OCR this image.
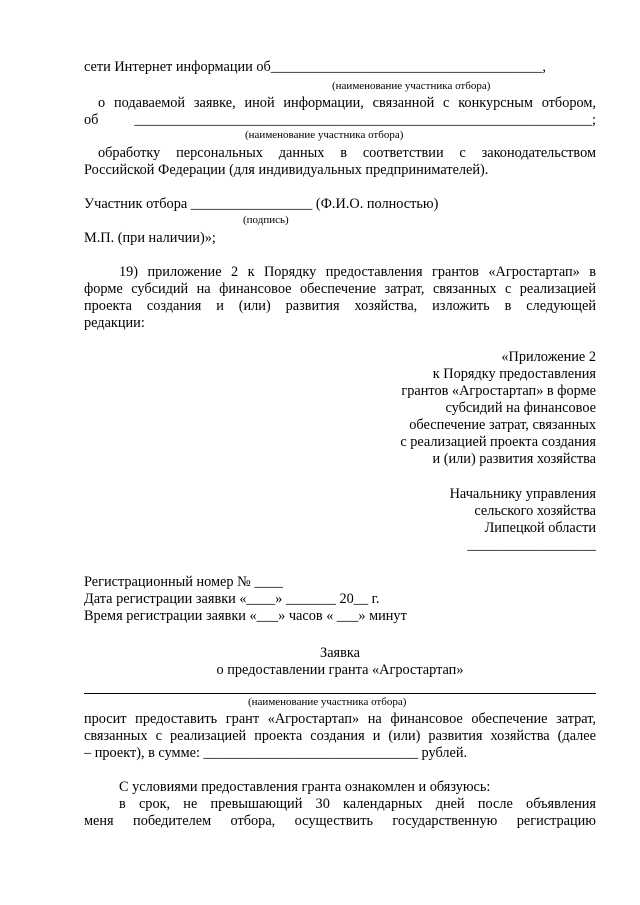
сети Интернет информации об______________________________________,
(наименование участника отбора)
о подаваемой заявке, иной информации, связанной с конкурсным отбором,
об ________________________________________________________________;
(наименование участника отбора)
обработку персональных данных в соответствии с законодательством
Российской Федерации (для индивидуальных предпринимателей).
Участник отбора _________________ (Ф.И.О. полностью)
(подпись)
М.П. (при наличии)»;
19) приложение 2 к Порядку предоставления грантов «Агростартап» в
форме субсидий на финансовое обеспечение затрат, связанных с реализацией
проекта создания и (или) развития хозяйства, изложить в следующей
редакции:
«Приложение 2
к Порядку предоставления
грантов «Агростартап» в форме
субсидий на финансовое
обеспечение затрат, связанных
с реализацией проекта создания
и (или) развития хозяйства
Начальнику управления
сельского хозяйства
Липецкой области
__________________
Регистрационный номер № ____
Дата регистрации заявки «____» _______ 20__ г.
Время регистрации заявки «___» часов « ___» минут
Заявка
о предоставлении гранта «Агростартап»
(наименование участника отбора)
просит предоставить грант «Агростартап» на финансовое обеспечение затрат,
связанных с реализацией проекта создания и (или) развития хозяйства (далее
– проект), в сумме: ______________________________ рублей.
С условиями предоставления гранта ознакомлен и обязуюсь:
в срок, не превышающий 30 календарных дней после объявления
меня победителем отбора, осуществить государственную регистрацию
